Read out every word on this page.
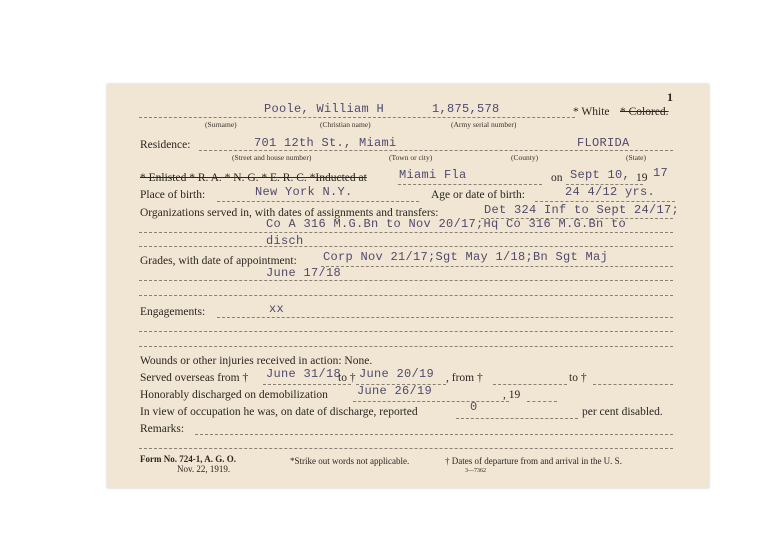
1
Poole, William H	1,875,578	* White * Colored.
(Surname)	(Christian name)	(Army serial number)
Residence:	701 12th St., Miami	FLORIDA
(Street and house number)	(Town or city)	(County)	(State)
* Enlisted * R. A. * N. G. * E. R. C. *Inducted at	Miami Fla	on Sept 10, 19 17
Place of birth:	New York N.Y.	Age or date of birth:	24 4/12 yrs.
Organizations served in, with dates of assignments and transfers:	Det 324 Inf to Sept 24/17;
Co A 316 M.G.Bn to Nov 20/17;Hq Co 316 M.G.Bn to
disch
Grades, with date of appointment: Corp Nov 21/17;Sgt May 1/18;Bn Sgt Maj
June 17/18
Engagements:	xx
Wounds or other injuries received in action: None.
Served overseas from † June 31/18
to † June 20/19 , from †	to †
Honorably discharged on demobilization June 26/19	, 19
In view of occupation he was, on date of discharge, reported	0	per cent disabled.
Remarks:
Form No. 724-1, A. G. O.
Nov. 22, 1919.
*Strike out words not applicable.	† Dates of departure from and arrival in the U. S.
3—7362
